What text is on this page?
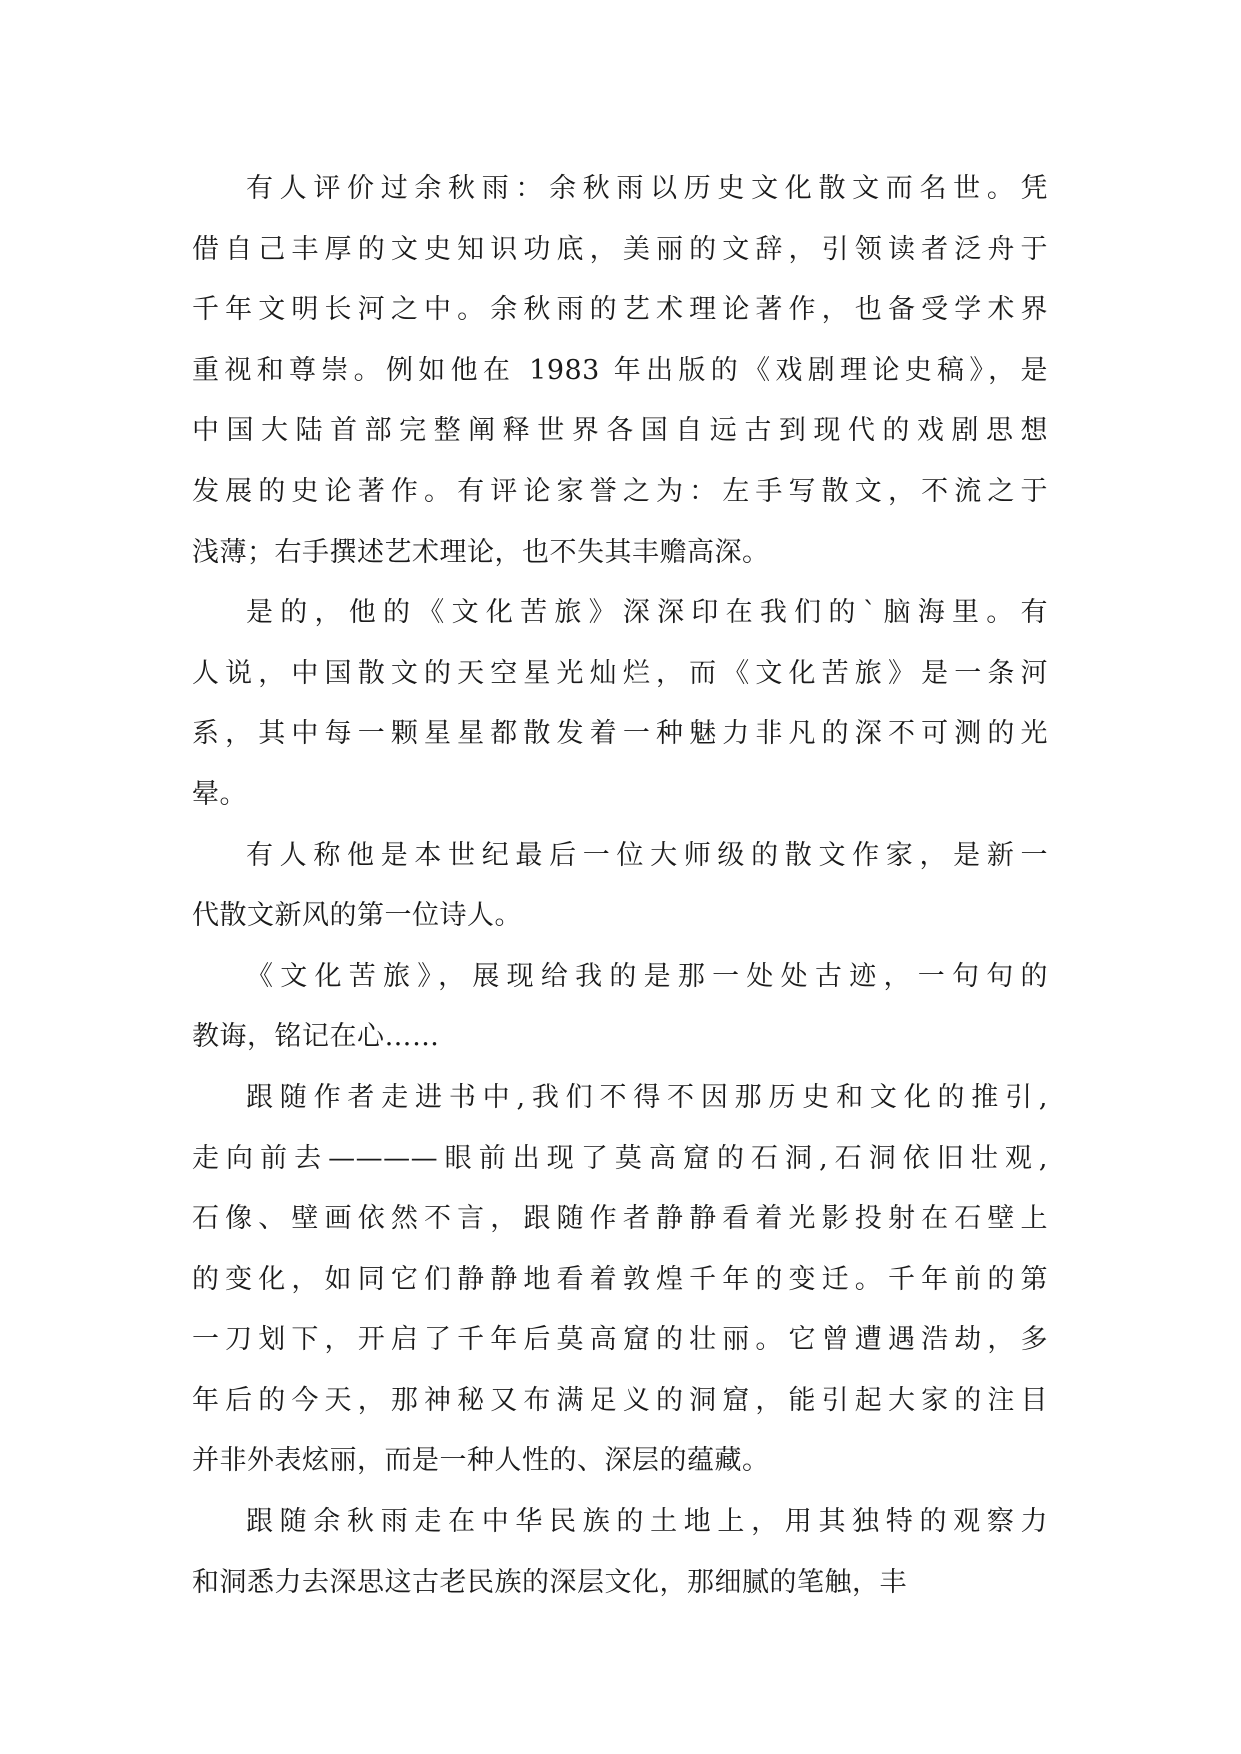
有人评价过余秋雨：余秋雨以历史文化散文而名世。凭
借自己丰厚的文史知识功底，美丽的文辞，引领读者泛舟于
千年文明长河之中。余秋雨的艺术理论著作，也备受学术界
重视和尊崇。例如他在 1983 年出版的《戏剧理论史稿》，是
中国大陆首部完整阐释世界各国自远古到现代的戏剧思想
发展的史论著作。有评论家誉之为：左手写散文，不流之于
浅薄；右手撰述艺术理论，也不失其丰赡高深。

是的，他的《文化苦旅》深深印在我们的`脑海里。有
人说，中国散文的天空星光灿烂，而《文化苦旅》是一条河
系，其中每一颗星星都散发着一种魅力非凡的深不可测的光
晕。

有人称他是本世纪最后一位大师级的散文作家，是新一
代散文新风的第一位诗人。

《文化苦旅》，展现给我的是那一处处古迹，一句句的
教诲，铭记在心……

跟随作者走进书中,我们不得不因那历史和文化的推引,
走向前去————眼前出现了莫高窟的石洞,石洞依旧壮观,
石像、壁画依然不言，跟随作者静静看着光影投射在石壁上
的变化，如同它们静静地看着敦煌千年的变迁。千年前的第
一刀划下，开启了千年后莫高窟的壮丽。它曾遭遇浩劫，多
年后的今天，那神秘又布满足义的洞窟，能引起大家的注目
并非外表炫丽，而是一种人性的、深层的蕴藏。

跟随余秋雨走在中华民族的土地上，用其独特的观察力
和洞悉力去深思这古老民族的深层文化，那细腻的笔触，丰
